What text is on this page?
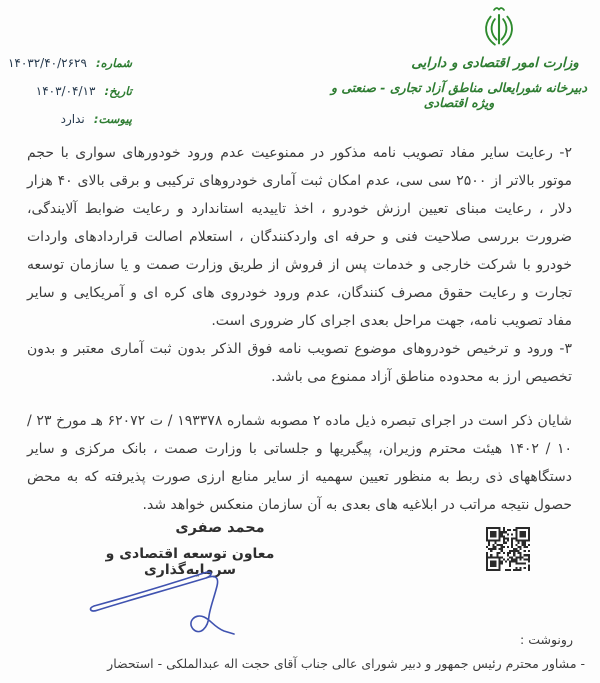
وزارت امور اقتصادی و دارایی
دبیرخانه شورایعالی مناطق آزاد تجاری - صنعتی و ویژه اقتصادی
شماره: ۱۴۰۳۲/۴۰/۲۶۲۹
تاریخ: ۱۴۰۳/۰۴/۱۳
پیوست: ندارد

۲- رعایت سایر مفاد تصویب نامه مذکور در ممنوعیت عدم ورود خودورهای سواری با حجم موتور بالاتر از ۲۵۰۰ سی سی، عدم امکان ثبت آماری خودروهای ترکیبی و برقی بالای ۴۰ هزار دلار ، رعایت مبنای تعیین ارزش خودرو ، اخذ تاییدیه استاندارد و رعایت ضوابط آلایندگی، ضرورت بررسی صلاحیت فنی و حرفه ای واردکنندگان ، استعلام اصالت قراردادهای واردات خودرو با شرکت خارجی و خدمات پس از فروش از طریق وزارت صمت و یا سازمان توسعه تجارت و رعایت حقوق مصرف کنندگان، عدم ورود خودروی های کره ای و آمریکایی و سایر مفاد تصویب نامه، جهت مراحل بعدی اجرای کار ضروری است.

۳- ورود و ترخیص خودروهای موضوع تصویب نامه فوق الذکر بدون ثبت آماری معتبر و بدون تخصیص ارز به محدوده مناطق آزاد ممنوع می باشد.

شایان ذکر است در اجرای تبصره ذیل ماده ۲ مصوبه شماره ۱۹۳۳۷۸ / ت ۶۲۰۷۲ هـ مورخ ۲۳ / ۱۰ / ۱۴۰۲ هیئت محترم وزیران، پیگیریها و جلساتی با وزارت صمت ، بانک مرکزی و سایر دستگاههای ذی ربط به منظور تعیین سهمیه از سایر منابع ارزی صورت پذیرفته که به محض حصول نتیجه مراتب در ابلاغیه های بعدی به آن سازمان منعکس خواهد شد.

محمد صفری
معاون توسعه اقتصادی و سرمایه‌گذاری
رونوشت :
- مشاور محترم رئیس جمهور و دبیر شورای عالی جناب آقای حجت اله عبدالملکی - استحضار
